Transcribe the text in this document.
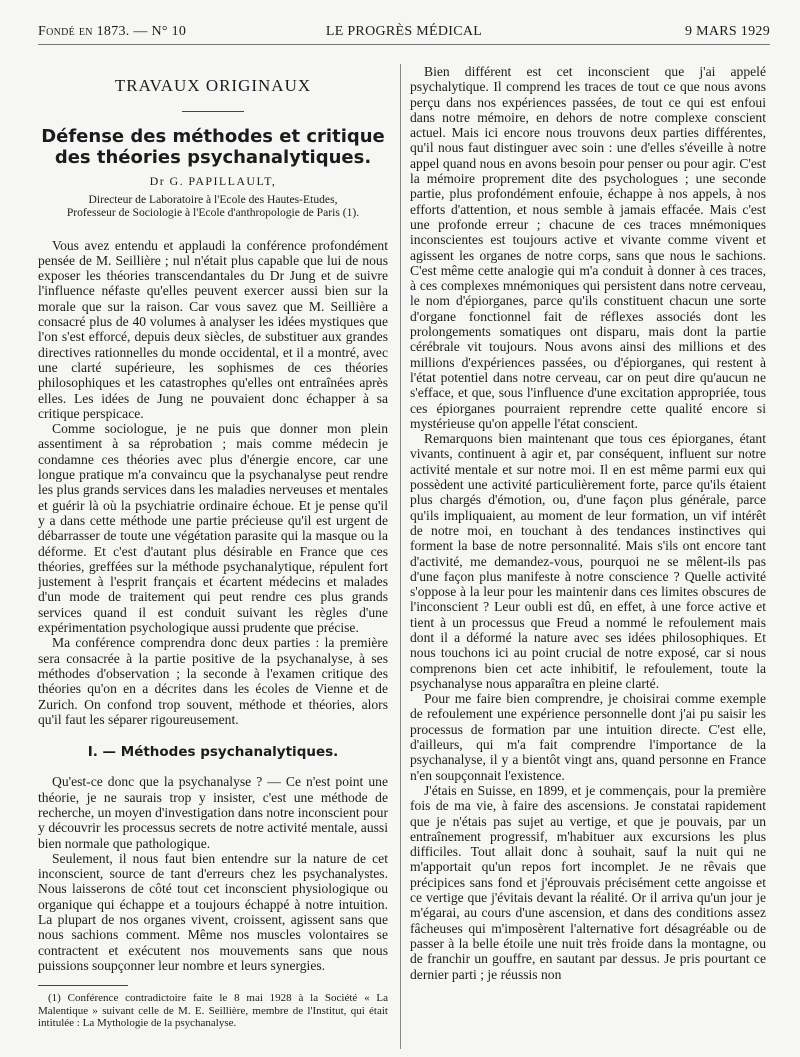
Fondé en 1873. — N° 10	LE PROGRÈS MÉDICAL	9 MARS 1929
TRAVAUX ORIGINAUX
Défense des méthodes et critique
des théories psychanalytiques.
Dr G. PAPILLAULT,

Directeur de Laboratoire à l'Ecole des Hautes-Etudes,

Professeur de Sociologie à l'Ecole d'anthropologie de Paris (1).

Vous avez entendu et applaudi la conférence profondément pensée de M. Seillière ; nul n'était plus capable que lui de nous exposer les théories transcendantales du Dr Jung et de suivre l'influence néfaste qu'elles peuvent exercer aussi bien sur la morale que sur la raison. Car vous savez que M. Seillière a consacré plus de 40 volumes à analyser les idées mystiques que l'on s'est efforcé, depuis deux siècles, de substituer aux grandes directives rationnelles du monde occidental, et il a montré, avec une clarté supérieure, les sophismes de ces théories philosophiques et les catastrophes qu'elles ont entraînées après elles. Les idées de Jung ne pouvaient donc échapper à sa critique perspicace.

Comme sociologue, je ne puis que donner mon plein assentiment à sa réprobation ; mais comme médecin je condamne ces théories avec plus d'énergie encore, car une longue pratique m'a convaincu que la psychanalyse peut rendre les plus grands services dans les maladies nerveuses et mentales et guérir là où la psychiatrie ordinaire échoue. Et je pense qu'il y a dans cette méthode une partie précieuse qu'il est urgent de débarrasser de toute une végétation parasite qui la masque ou la déforme. Et c'est d'autant plus désirable en France que ces théories, greffées sur la méthode psychanalytique, répulent fort justement à l'esprit français et écartent médecins et malades d'un mode de traitement qui peut rendre ces plus grands services quand il est conduit suivant les règles d'une expérimentation psychologique aussi prudente que précise.

Ma conférence comprendra donc deux parties : la première sera consacrée à la partie positive de la psychanalyse, à ses méthodes d'observation ; la seconde à l'examen critique des théories qu'on en a décrites dans les écoles de Vienne et de Zurich. On confond trop souvent, méthode et théories, alors qu'il faut les séparer rigoureusement.

I. — Méthodes psychanalytiques.

Qu'est-ce donc que la psychanalyse ? — Ce n'est point une théorie, je ne saurais trop y insister, c'est une méthode de recherche, un moyen d'investigation dans notre inconscient pour y découvrir les processus secrets de notre activité mentale, aussi bien normale que pathologique.

Seulement, il nous faut bien entendre sur la nature de cet inconscient, source de tant d'erreurs chez les psychanalystes. Nous laisserons de côté tout cet inconscient physiologique ou organique qui échappe et a toujours échappé à notre intuition. La plupart de nos organes vivent, croissent, agissent sans que nous sachions comment. Même nos muscles volontaires se contractent et exécutent nos mouvements sans que nous puissions soupçonner leur nombre et leurs synergies.

(1) Conférence contradictoire faite le 8 mai 1928 à la Société « La Malentique » suivant celle de M. E. Seillière, membre de l'Institut, qui était intitulée : La Mythologie de la psychanalyse.

Bien différent est cet inconscient que j'ai appelé psychalytique. Il comprend les traces de tout ce que nous avons perçu dans nos expériences passées, de tout ce qui est enfoui dans notre mémoire, en dehors de notre complexe conscient actuel. Mais ici encore nous trouvons deux parties différentes, qu'il nous faut distinguer avec soin : une d'elles s'éveille à notre appel quand nous en avons besoin pour penser ou pour agir. C'est la mémoire proprement dite des psychologues ; une seconde partie, plus profondément enfouie, échappe à nos appels, à nos efforts d'attention, et nous semble à jamais effacée. Mais c'est une profonde erreur ; chacune de ces traces mnémoniques inconscientes est toujours active et vivante comme vivent et agissent les organes de notre corps, sans que nous le sachions. C'est même cette analogie qui m'a conduit à donner à ces traces, à ces complexes mnémoniques qui persistent dans notre cerveau, le nom d'épiorganes, parce qu'ils constituent chacun une sorte d'organe fonctionnel fait de réflexes associés dont les prolongements somatiques ont disparu, mais dont la partie cérébrale vit toujours. Nous avons ainsi des millions et des millions d'expériences passées, ou d'épiorganes, qui restent à l'état potentiel dans notre cerveau, car on peut dire qu'aucun ne s'efface, et que, sous l'influence d'une excitation appropriée, tous ces épiorganes pourraient reprendre cette qualité encore si mystérieuse qu'on appelle l'état conscient.

Remarquons bien maintenant que tous ces épiorganes, étant vivants, continuent à agir et, par conséquent, influent sur notre activité mentale et sur notre moi. Il en est même parmi eux qui possèdent une activité particulièrement forte, parce qu'ils étaient plus chargés d'émotion, ou, d'une façon plus générale, parce qu'ils impliquaient, au moment de leur formation, un vif intérêt de notre moi, en touchant à des tendances instinctives qui forment la base de notre personnalité. Mais s'ils ont encore tant d'activité, me demandez-vous, pourquoi ne se mêlent-ils pas d'une façon plus manifeste à notre conscience ? Quelle activité s'oppose à la leur pour les maintenir dans ces limites obscures de l'inconscient ? Leur oubli est dû, en effet, à une force active et tient à un processus que Freud a nommé le refoulement mais dont il a déformé la nature avec ses idées philosophiques. Et nous touchons ici au point crucial de notre exposé, car si nous comprenons bien cet acte inhibitif, le refoulement, toute la psychanalyse nous apparaîtra en pleine clarté.

Pour me faire bien comprendre, je choisirai comme exemple de refoulement une expérience personnelle dont j'ai pu saisir les processus de formation par une intuition directe. C'est elle, d'ailleurs, qui m'a fait comprendre l'importance de la psychanalyse, il y a bientôt vingt ans, quand personne en France n'en soupçonnait l'existence.

J'étais en Suisse, en 1899, et je commençais, pour la première fois de ma vie, à faire des ascensions. Je constatai rapidement que je n'étais pas sujet au vertige, et que je pouvais, par un entraînement progressif, m'habituer aux excursions les plus difficiles. Tout allait donc à souhait, sauf la nuit qui ne m'apportait qu'un repos fort incomplet. Je ne rêvais que précipices sans fond et j'éprouvais précisément cette angoisse et ce vertige que j'évitais devant la réalité. Or il arriva qu'un jour je m'égarai, au cours d'une ascension, et dans des conditions assez fâcheuses qui m'imposèrent l'alternative fort désagréable ou de passer à la belle étoile une nuit très froide dans la montagne, ou de franchir un gouffre, en sautant par dessus. Je pris pourtant ce dernier parti ; je réussis non
